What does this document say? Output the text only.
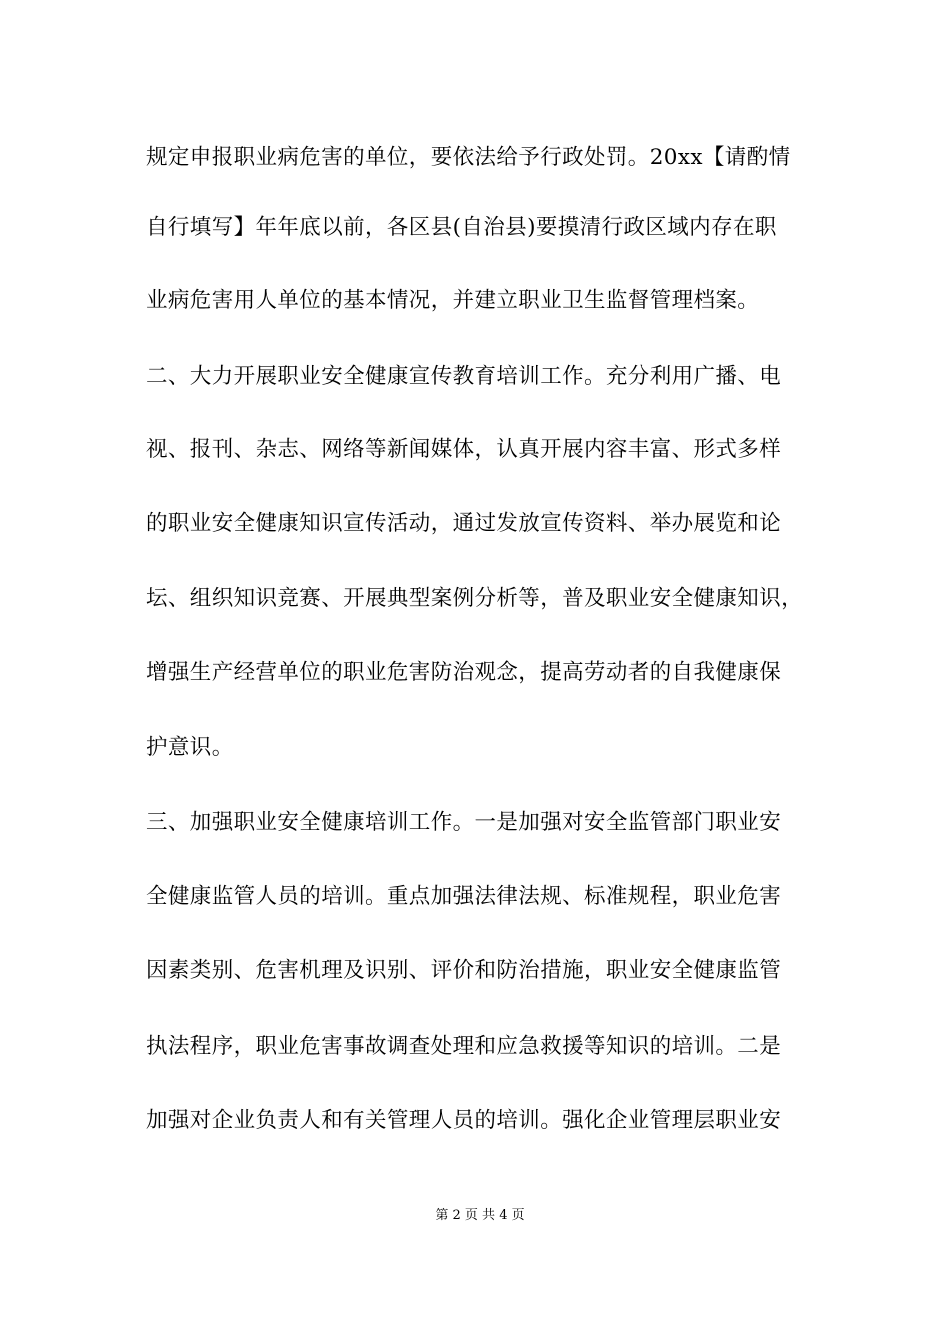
规定申报职业病危害的单位，要依法给予行政处罚。20xx【请酌情
自行填写】年年底以前，各区县(自治县)要摸清行政区域内存在职
业病危害用人单位的基本情况，并建立职业卫生监督管理档案。
二、大力开展职业安全健康宣传教育培训工作。充分利用广播、电
视、报刊、杂志、网络等新闻媒体，认真开展内容丰富、形式多样
的职业安全健康知识宣传活动，通过发放宣传资料、举办展览和论
坛、组织知识竞赛、开展典型案例分析等，普及职业安全健康知识，
增强生产经营单位的职业危害防治观念，提高劳动者的自我健康保
护意识。
三、加强职业安全健康培训工作。一是加强对安全监管部门职业安
全健康监管人员的培训。重点加强法律法规、标准规程，职业危害
因素类别、危害机理及识别、评价和防治措施，职业安全健康监管
执法程序，职业危害事故调查处理和应急救援等知识的培训。二是
加强对企业负责人和有关管理人员的培训。强化企业管理层职业安
第 2 页 共 4 页
